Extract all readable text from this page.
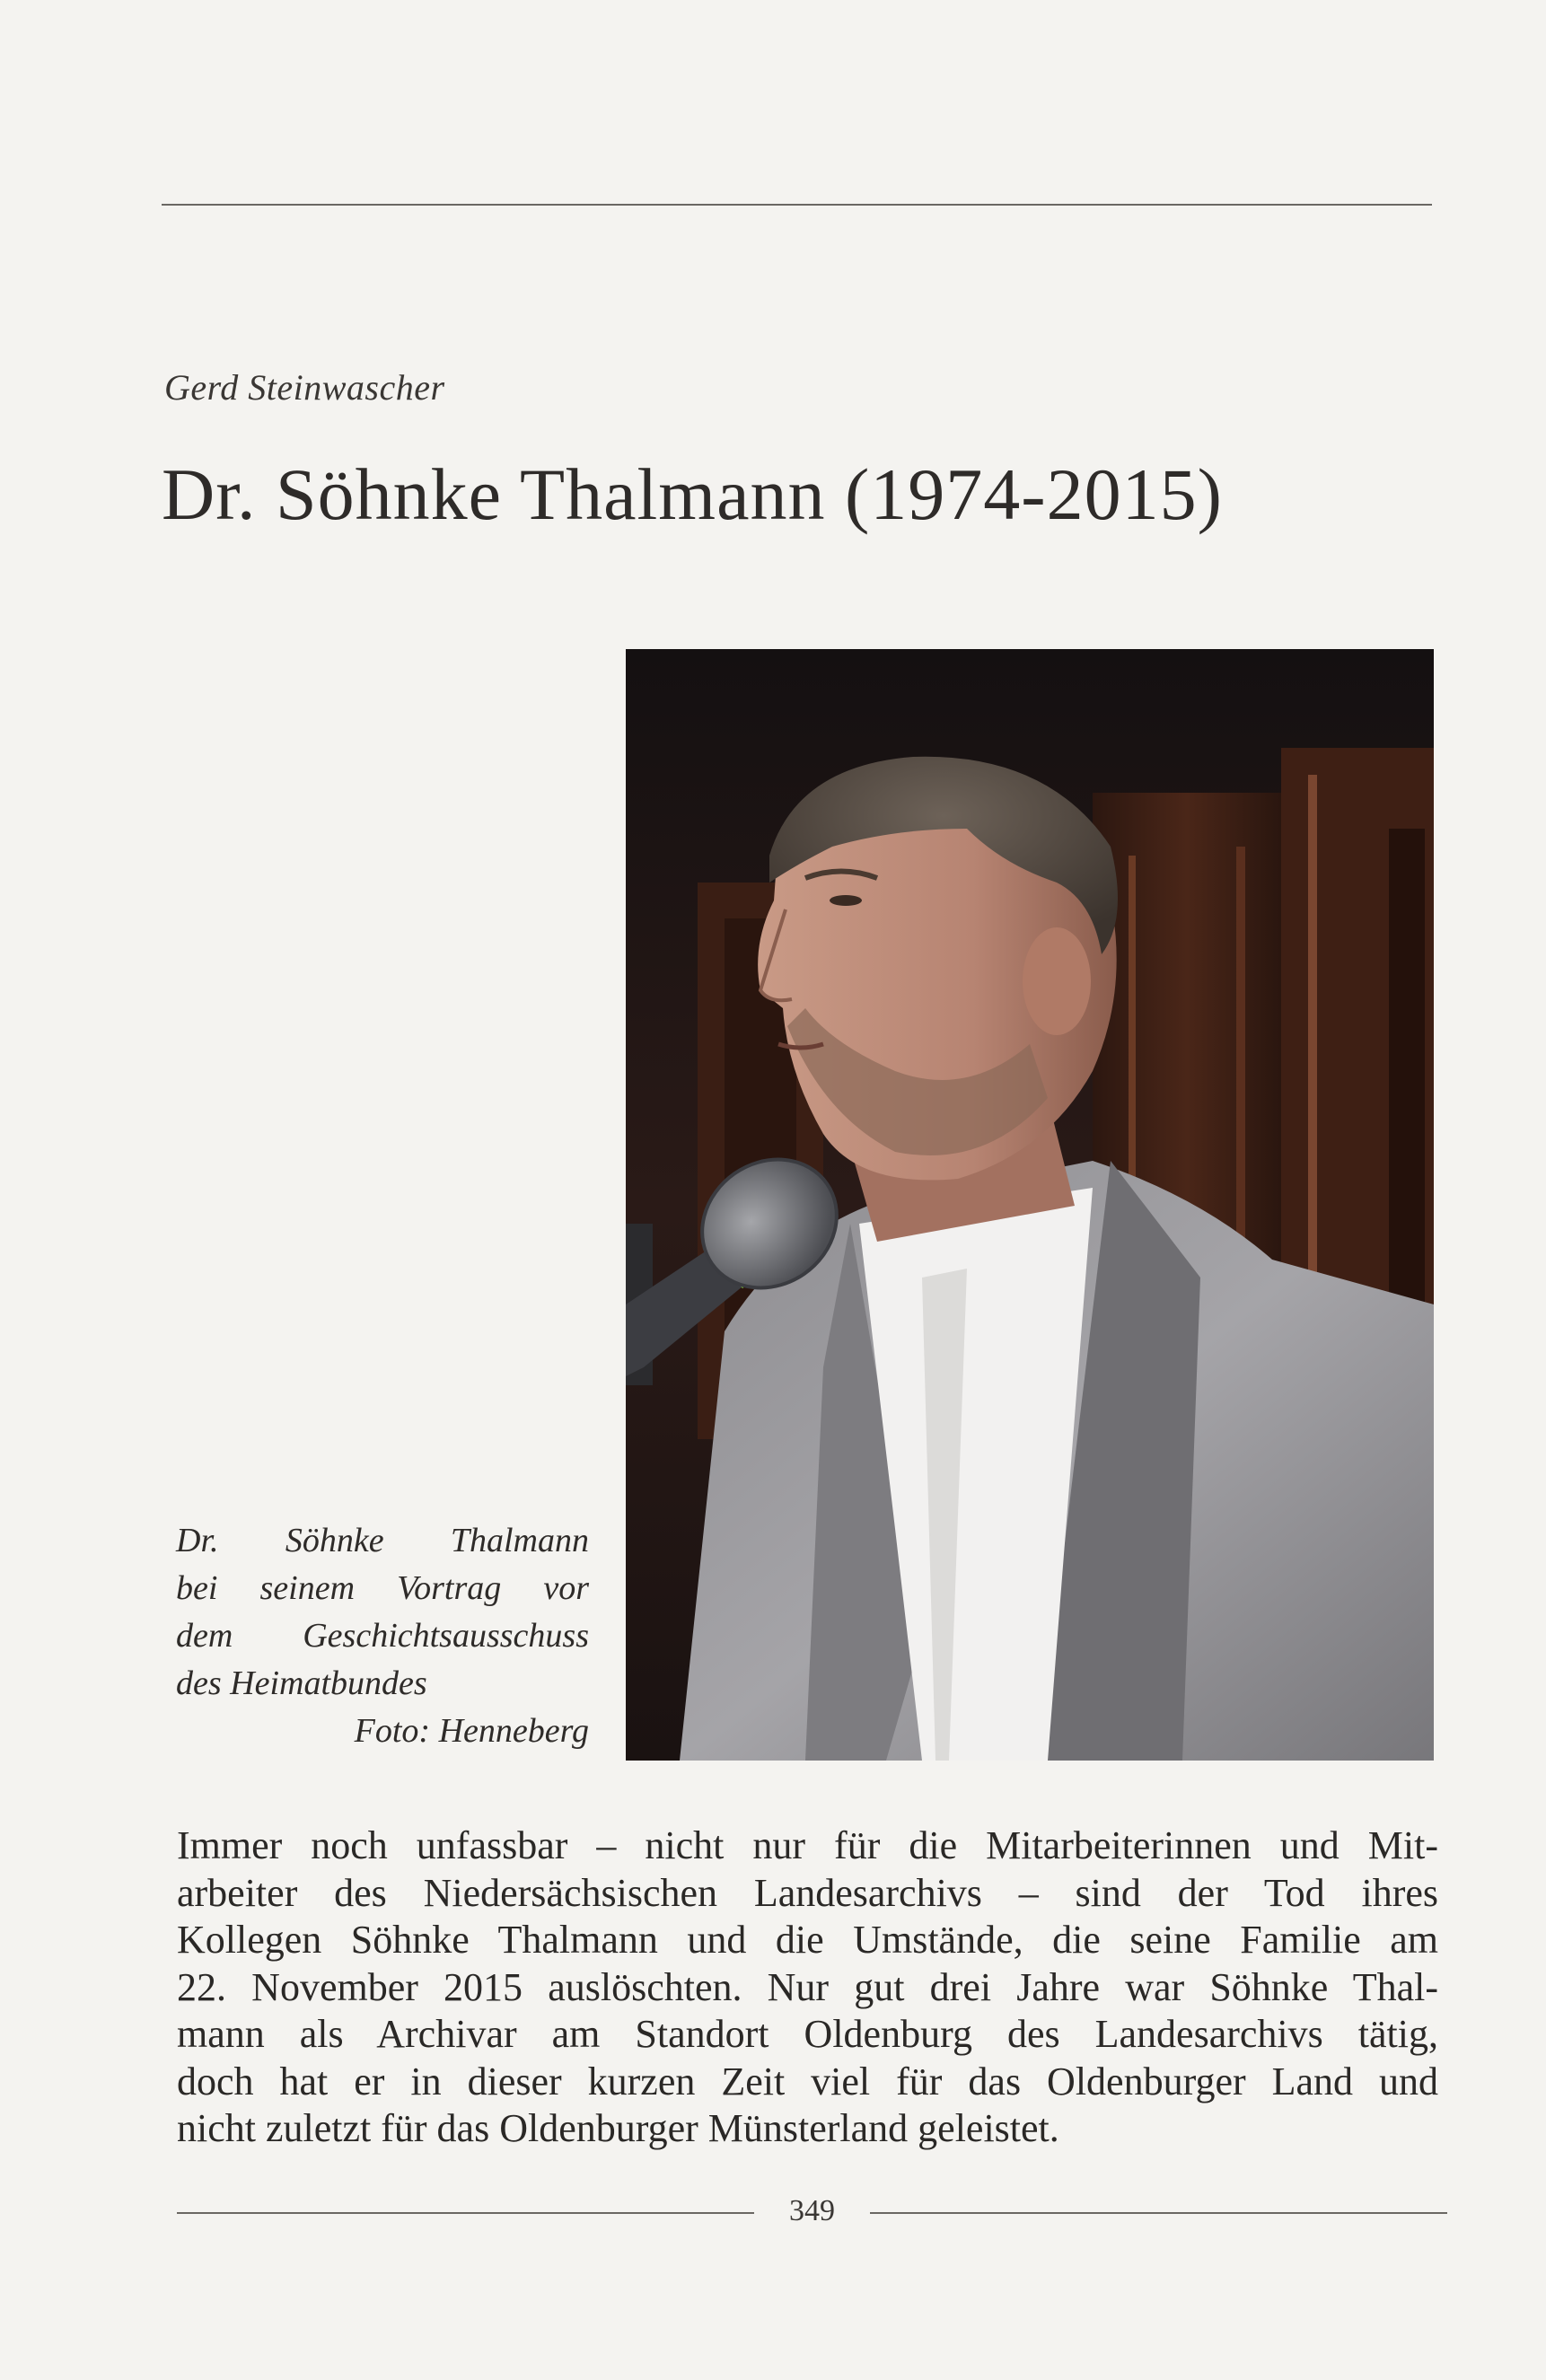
Gerd Steinwascher
Dr. Söhnke Thalmann (1974-2015)
Dr. Söhnke Thalmann
bei seinem Vortrag vor
dem Geschichtsausschuss
des
Heimatbundes
Foto: Henneberg
Immer noch unfassbar – nicht nur für die Mitarbeiterinnen und Mit-
arbeiter des Niedersächsischen Landesarchivs – sind der Tod ihres
Kollegen Söhnke Thalmann und die Umstände, die seine Familie am
22. November 2015 auslöschten. Nur gut drei Jahre war Söhnke Thal-
mann als Archivar am Standort Oldenburg des Landesarchivs tätig,
doch hat er in dieser kurzen Zeit viel für das Oldenburger Land und
nicht zuletzt für das Oldenburger Münsterland geleistet.
349
